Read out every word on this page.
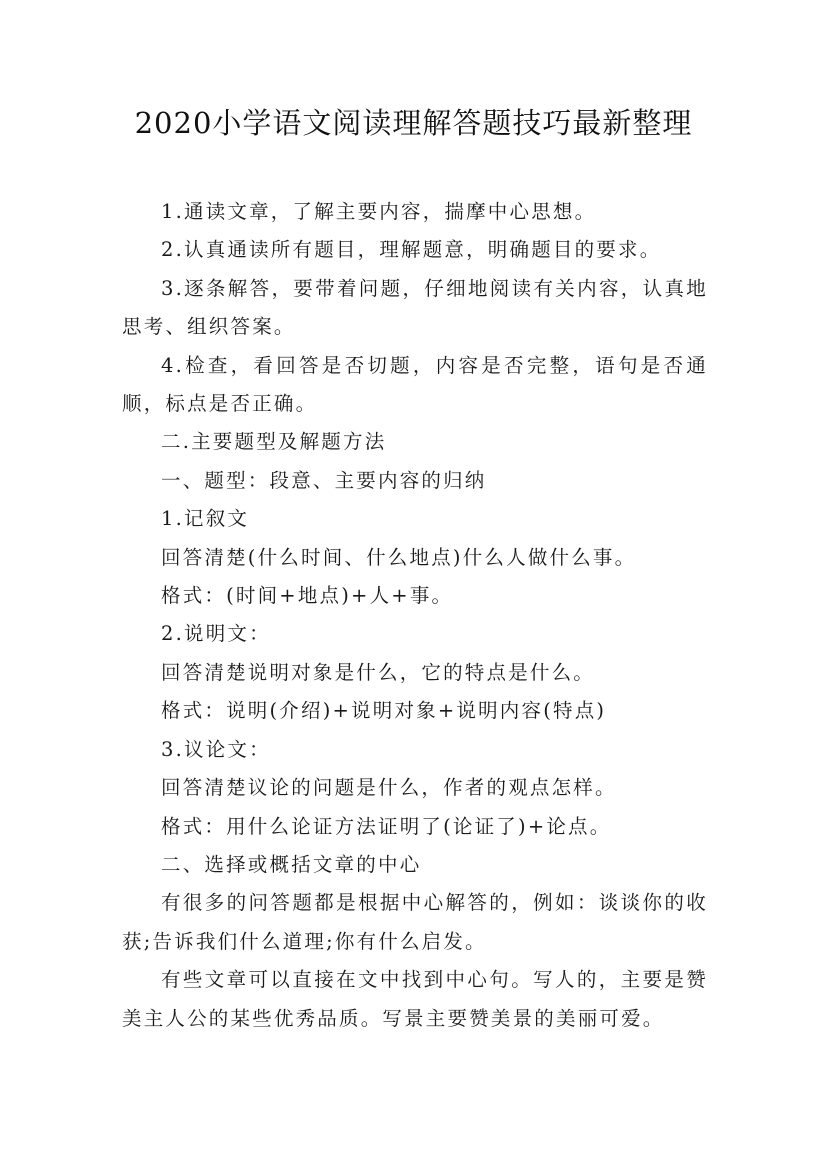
2020小学语文阅读理解答题技巧最新整理

1.通读文章，了解主要内容，揣摩中心思想。

2.认真通读所有题目，理解题意，明确题目的要求。

3.逐条解答，要带着问题，仔细地阅读有关内容，认真地思考、组织答案。

4.检查，看回答是否切题，内容是否完整，语句是否通顺，标点是否正确。

二.主要题型及解题方法

一、题型：段意、主要内容的归纳

1.记叙文

回答清楚(什么时间、什么地点)什么人做什么事。

格式：(时间+地点)+人+事。

2.说明文：

回答清楚说明对象是什么，它的特点是什么。

格式：说明(介绍)+说明对象+说明内容(特点)

3.议论文：

回答清楚议论的问题是什么，作者的观点怎样。

格式：用什么论证方法证明了(论证了)+论点。

二、选择或概括文章的中心

有很多的问答题都是根据中心解答的，例如：谈谈你的收获;告诉我们什么道理;你有什么启发。

有些文章可以直接在文中找到中心句。写人的，主要是赞美主人公的某些优秀品质。写景主要赞美景的美丽可爱。
